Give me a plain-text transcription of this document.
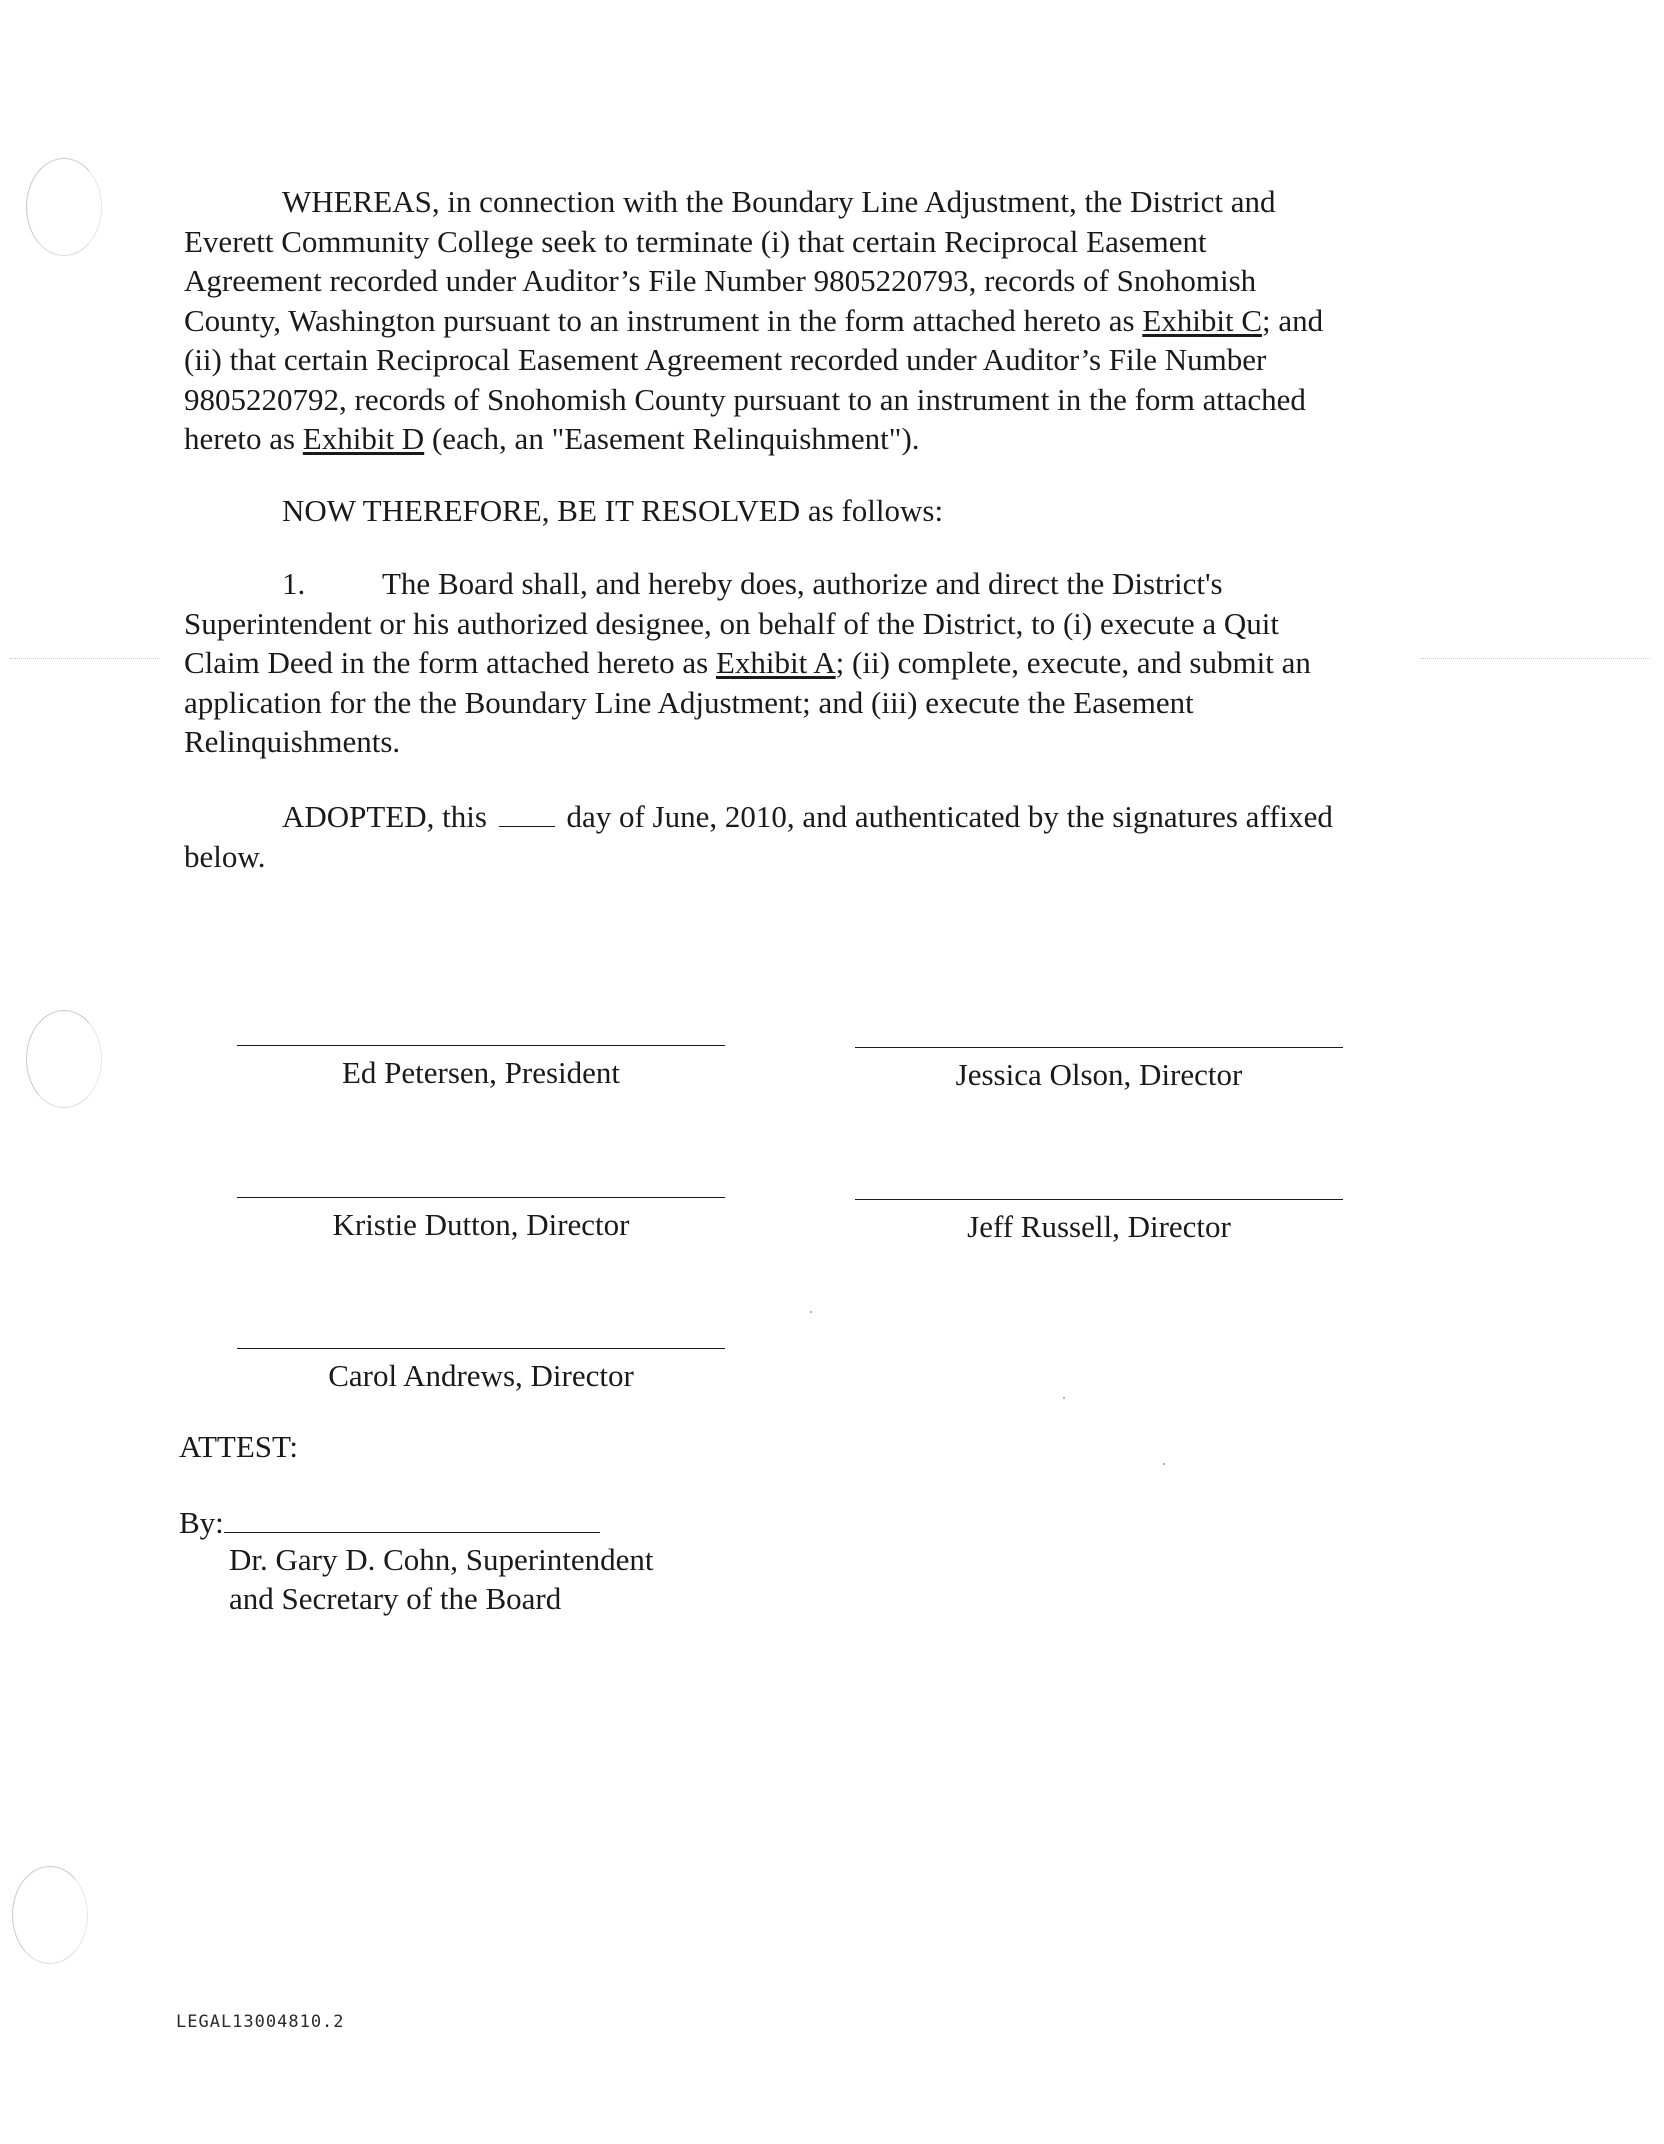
WHEREAS, in connection with the Boundary Line Adjustment, the District and
Everett Community College seek to terminate (i) that certain Reciprocal Easement
Agreement recorded under Auditor’s File Number 9805220793, records of Snohomish
County, Washington pursuant to an instrument in the form attached hereto as Exhibit C; and
(ii) that certain Reciprocal Easement Agreement recorded under Auditor’s File Number
9805220792, records of Snohomish County pursuant to an instrument in the form attached
hereto as Exhibit D (each, an "Easement Relinquishment").

NOW THEREFORE, BE IT RESOLVED as follows:

1. The Board shall, and hereby does, authorize and direct the District's
Superintendent or his authorized designee, on behalf of the District, to (i) execute a Quit
Claim Deed in the form attached hereto as Exhibit A; (ii) complete, execute, and submit an
application for the the Boundary Line Adjustment; and (iii) execute the Easement
Relinquishments.

ADOPTED, this	day of June, 2010, and authenticated by the signatures affixed
below.

Ed Petersen, President	Jessica Olson, Director
Kristie Dutton, Director	Jeff Russell, Director
Carol Andrews, Director
ATTEST:
By:
Dr. Gary D. Cohn, Superintendent
and Secretary of the Board
LEGAL13004810.2
